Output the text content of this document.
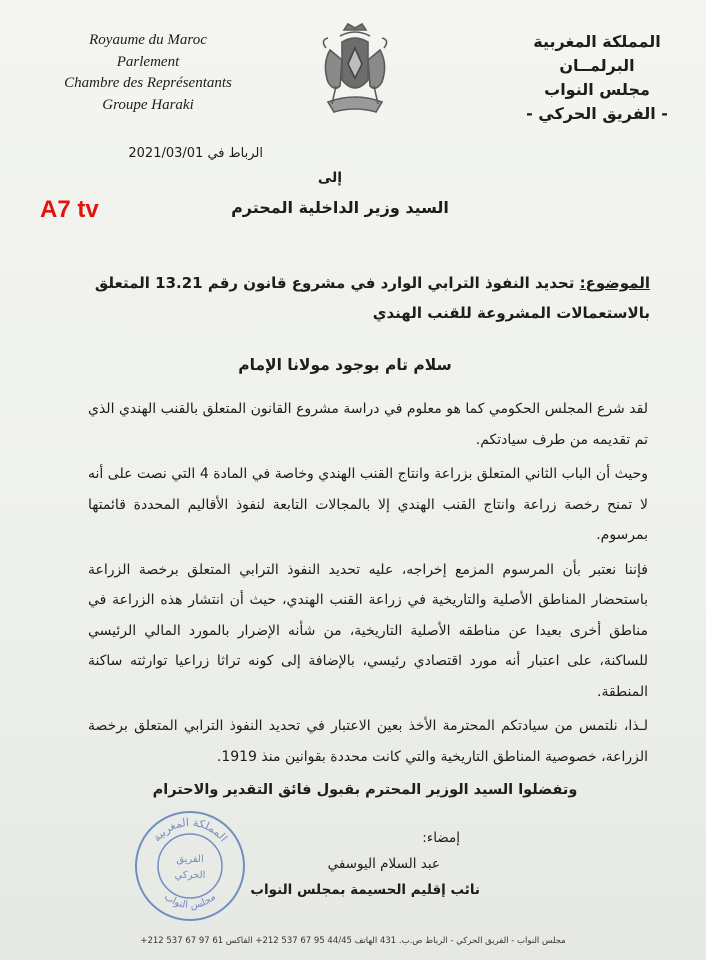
Royaume du Maroc
Parlement
Chambre des Représentants
Groupe Haraki
المملكة المغربية
البرلمــان
مجلس النواب
- الفريق الحركي -
الرباط في 2021/03/01
A7 tv
إلى
السيد وزير الداخلية المحترم
الموضوع: تحديد النفوذ الترابي الوارد في مشروع قانون رقم 13.21 المتعلق بالاستعمالات المشروعة للقنب الهندي
سلام تام بوجود مولانا الإمام

لقد شرع المجلس الحكومي كما هو معلوم في دراسة مشروع القانون المتعلق بالقنب الهندي الذي تم تقديمه من طرف سيادتكم.

وحيث أن الباب الثاني المتعلق بزراعة وانتاج القنب الهندي وخاصة في المادة 4 التي نصت على أنه لا تمنح رخصة زراعة وانتاج القنب الهندي إلا بالمجالات التابعة لنفوذ الأقاليم المحددة قائمتها بمرسوم.

فإننا نعتبر بأن المرسوم المزمع إخراجه، عليه تحديد النفوذ الترابي المتعلق برخصة الزراعة باستحضار المناطق الأصلية والتاريخية في زراعة القنب الهندي، حيث أن انتشار هذه الزراعة في مناطق أخرى بعيدا عن مناطقه الأصلية التاريخية، من شأنه الإضرار بالمورد المالي الرئيسي للساكنة، على اعتبار أنه مورد اقتصادي رئيسي، بالإضافة إلى كونه تراثا زراعيا توارثته ساكنة المنطقة.

لـذا، نلتمس من سيادتكم المحترمة الأخذ بعين الاعتبار في تحديد النفوذ الترابي المتعلق برخصة الزراعة، خصوصية المناطق التاريخية والتي كانت محددة بقوانين منذ 1919.

وتفضلوا السيد الوزير المحترم بقبول فائق التقدير والاحترام
إمضاء:
عبد السلام اليوسفي
نائب إقليم الحسيمة بمجلس النواب
المملكة المغربية
مجلس النواب
الفريق
الحركي
مجلس النواب - الفريق الحركي - الرباط ص.ب. 431 الهاتف 44/45 95 67 537 212+ الفاكس 61 97 67 537 212+
